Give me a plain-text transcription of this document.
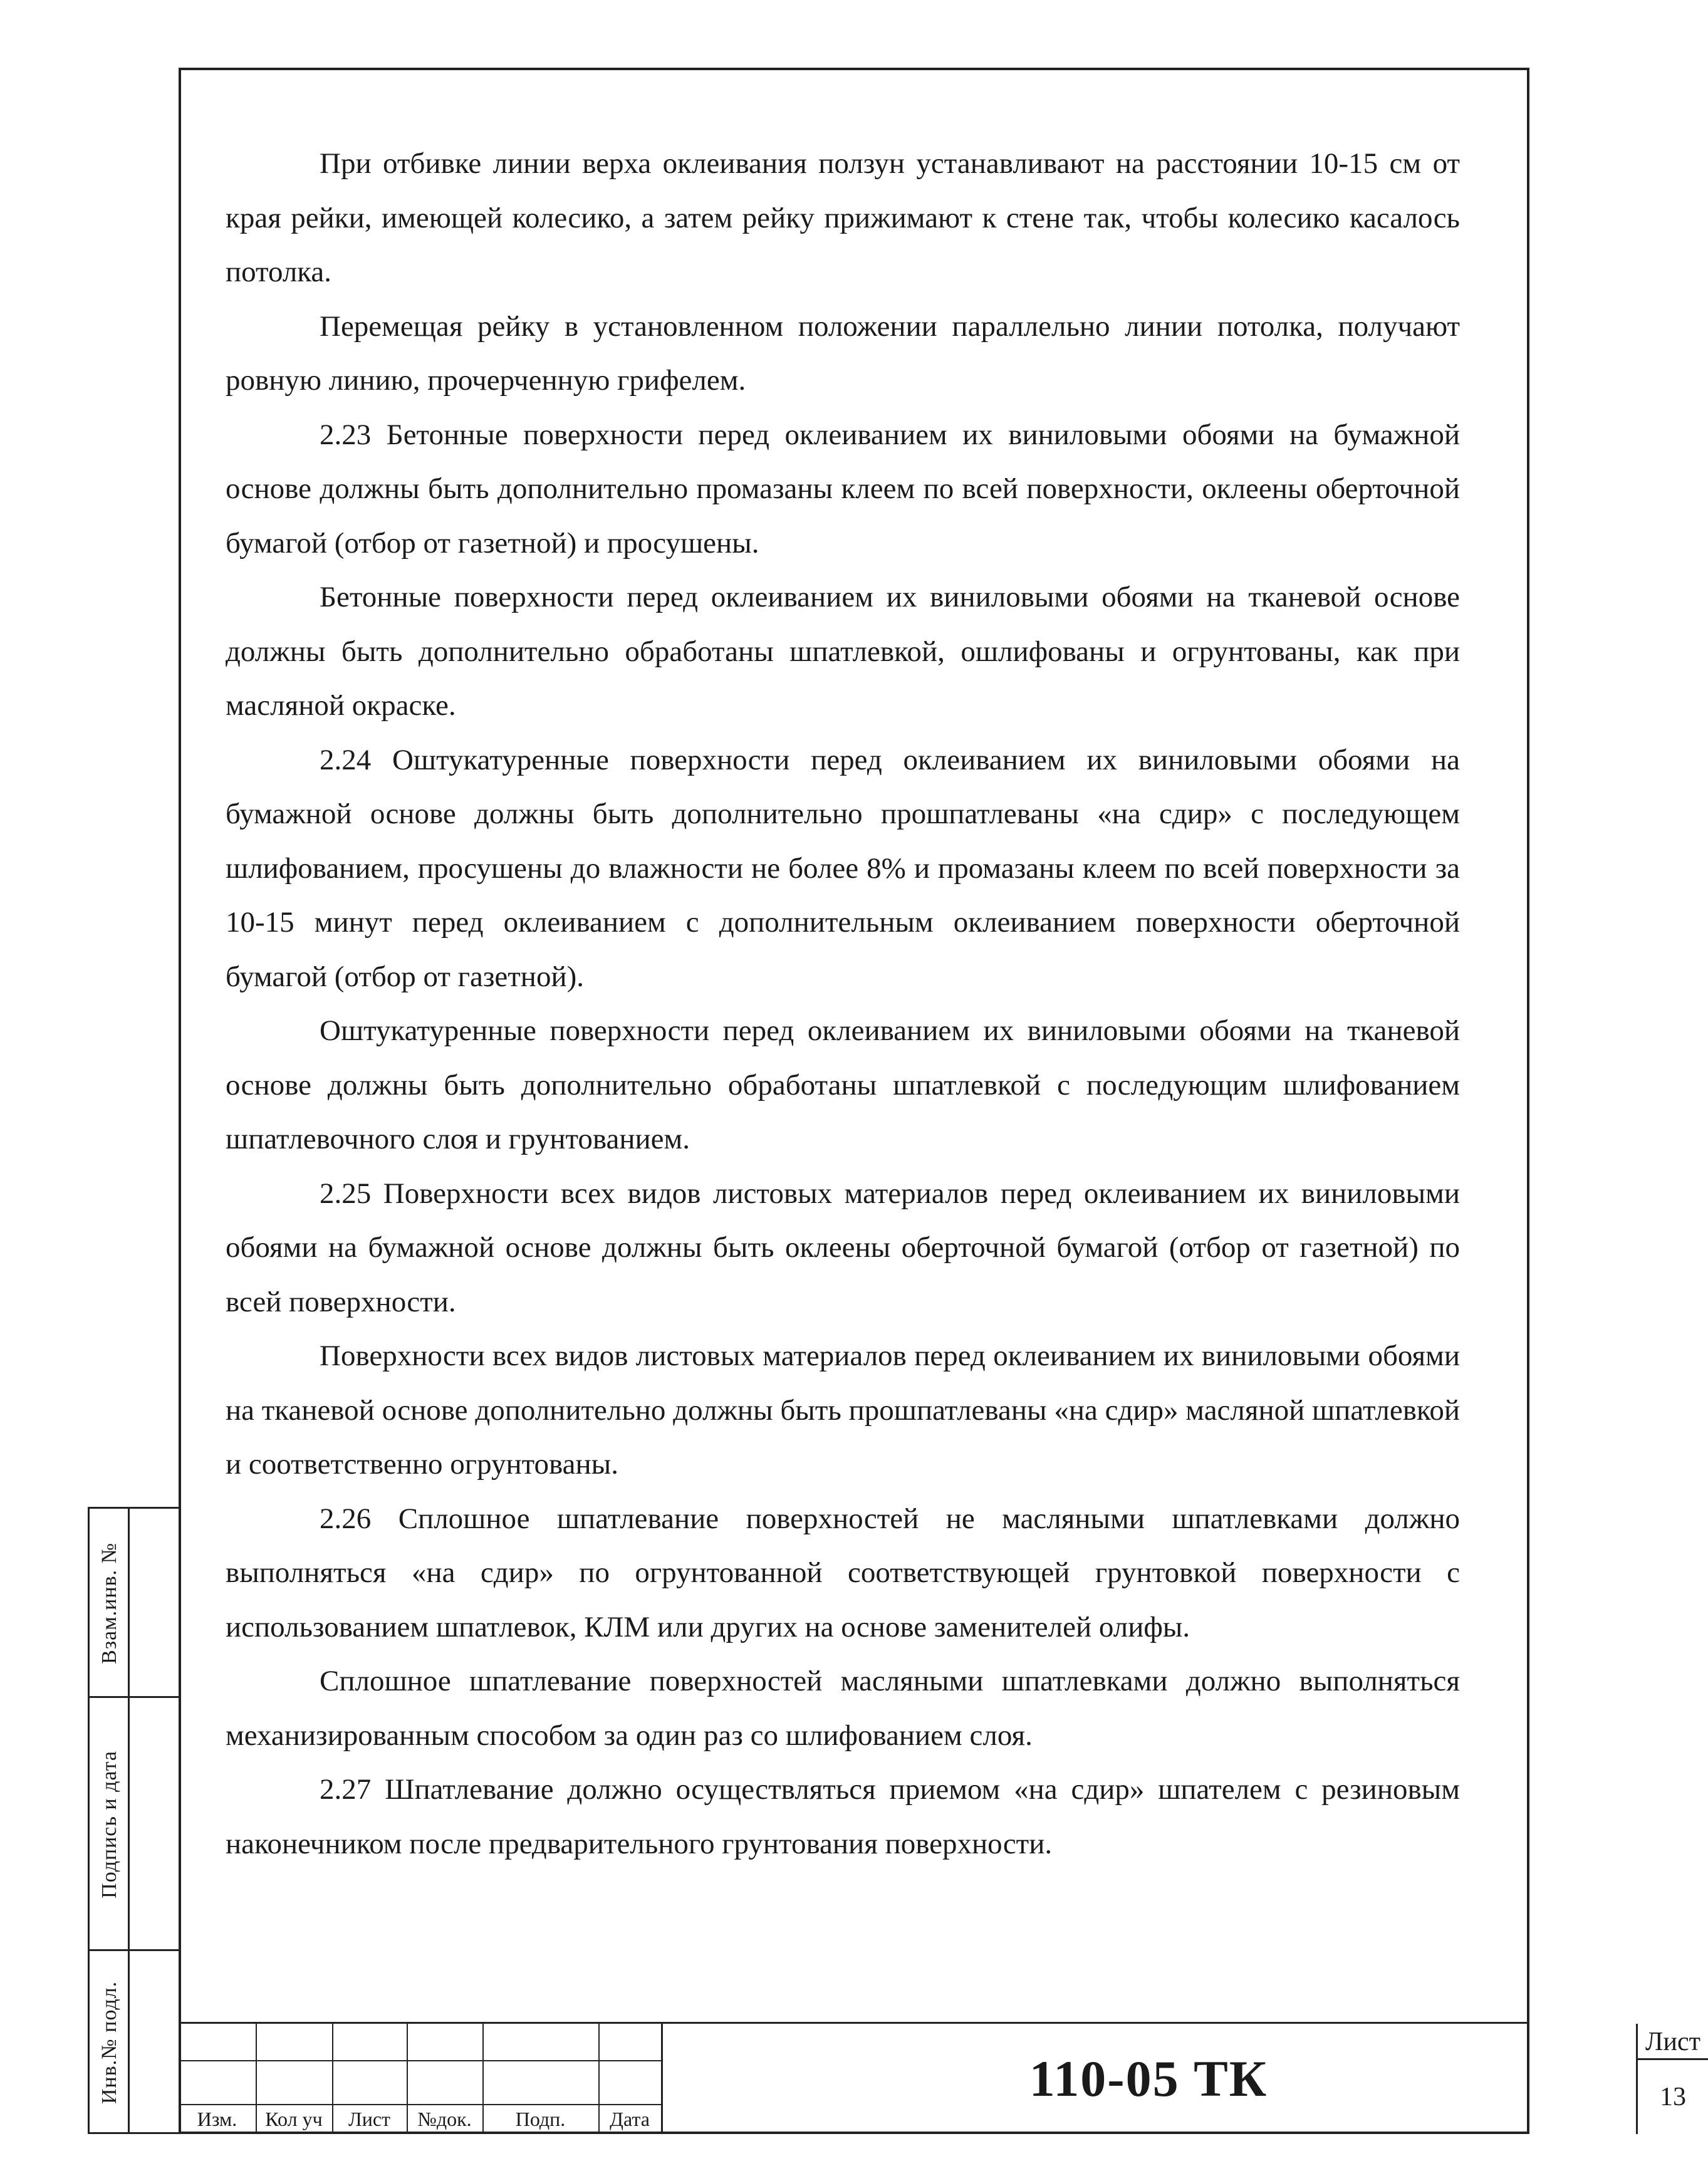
При отбивке линии верха оклеивания ползун устанавливают на расстоянии 10-15 см от края рейки, имеющей колесико, а затем рейку прижимают к стене так, чтобы колесико касалось потолка.

Перемещая рейку в установленном положении параллельно линии потолка, получают ровную линию, прочерченную грифелем.

2.23 Бетонные поверхности перед оклеиванием их виниловыми обоями на бумажной основе должны быть дополнительно промазаны клеем по всей поверхности, оклеены оберточной бумагой (отбор от газетной) и просушены.

Бетонные поверхности перед оклеиванием их виниловыми обоями на тканевой основе должны быть дополнительно обработаны шпатлевкой, ошлифованы и огрунтованы, как при масляной окраске.

2.24 Оштукатуренные поверхности перед оклеиванием их виниловыми обоями на бумажной основе должны быть дополнительно прошпатлеваны «на сдир» с последующем шлифованием, просушены до влажности не более 8% и промазаны клеем по всей поверхности за 10-15 минут перед оклеиванием с дополнительным оклеиванием поверхности оберточной бумагой (отбор от газетной).

Оштукатуренные поверхности перед оклеиванием их виниловыми обоями на тканевой основе должны быть дополнительно обработаны шпатлевкой с последующим шлифованием шпатлевочного слоя и грунтованием.

2.25 Поверхности всех видов листовых материалов перед оклеиванием их виниловыми обоями на бумажной основе должны быть оклеены оберточной бумагой (отбор от газетной) по всей поверхности.

Поверхности всех видов листовых материалов перед оклеиванием их виниловыми обоями на тканевой основе дополнительно должны быть прошпатлеваны «на сдир» масляной шпатлевкой и соответственно огрунтованы.

2.26 Сплошное шпатлевание поверхностей не масляными шпатлевками должно выполняться «на сдир» по огрунтованной соответствующей грунтовкой поверхности с использованием шпатлевок, КЛМ или других на основе заменителей олифы.

Сплошное шпатлевание поверхностей масляными шпатлевками должно выполняться механизированным способом за один раз со шлифованием слоя.

2.27 Шпатлевание должно осуществляться приемом «на сдир» шпателем с резиновым наконечником после предварительного грунтования поверхности.

Взам.инв. №
Подпись и дата
Инв.№ подл.
Изм.	Кол уч	Лист	№док.	Подп.	Дата
110-05 ТК
Лист
13
